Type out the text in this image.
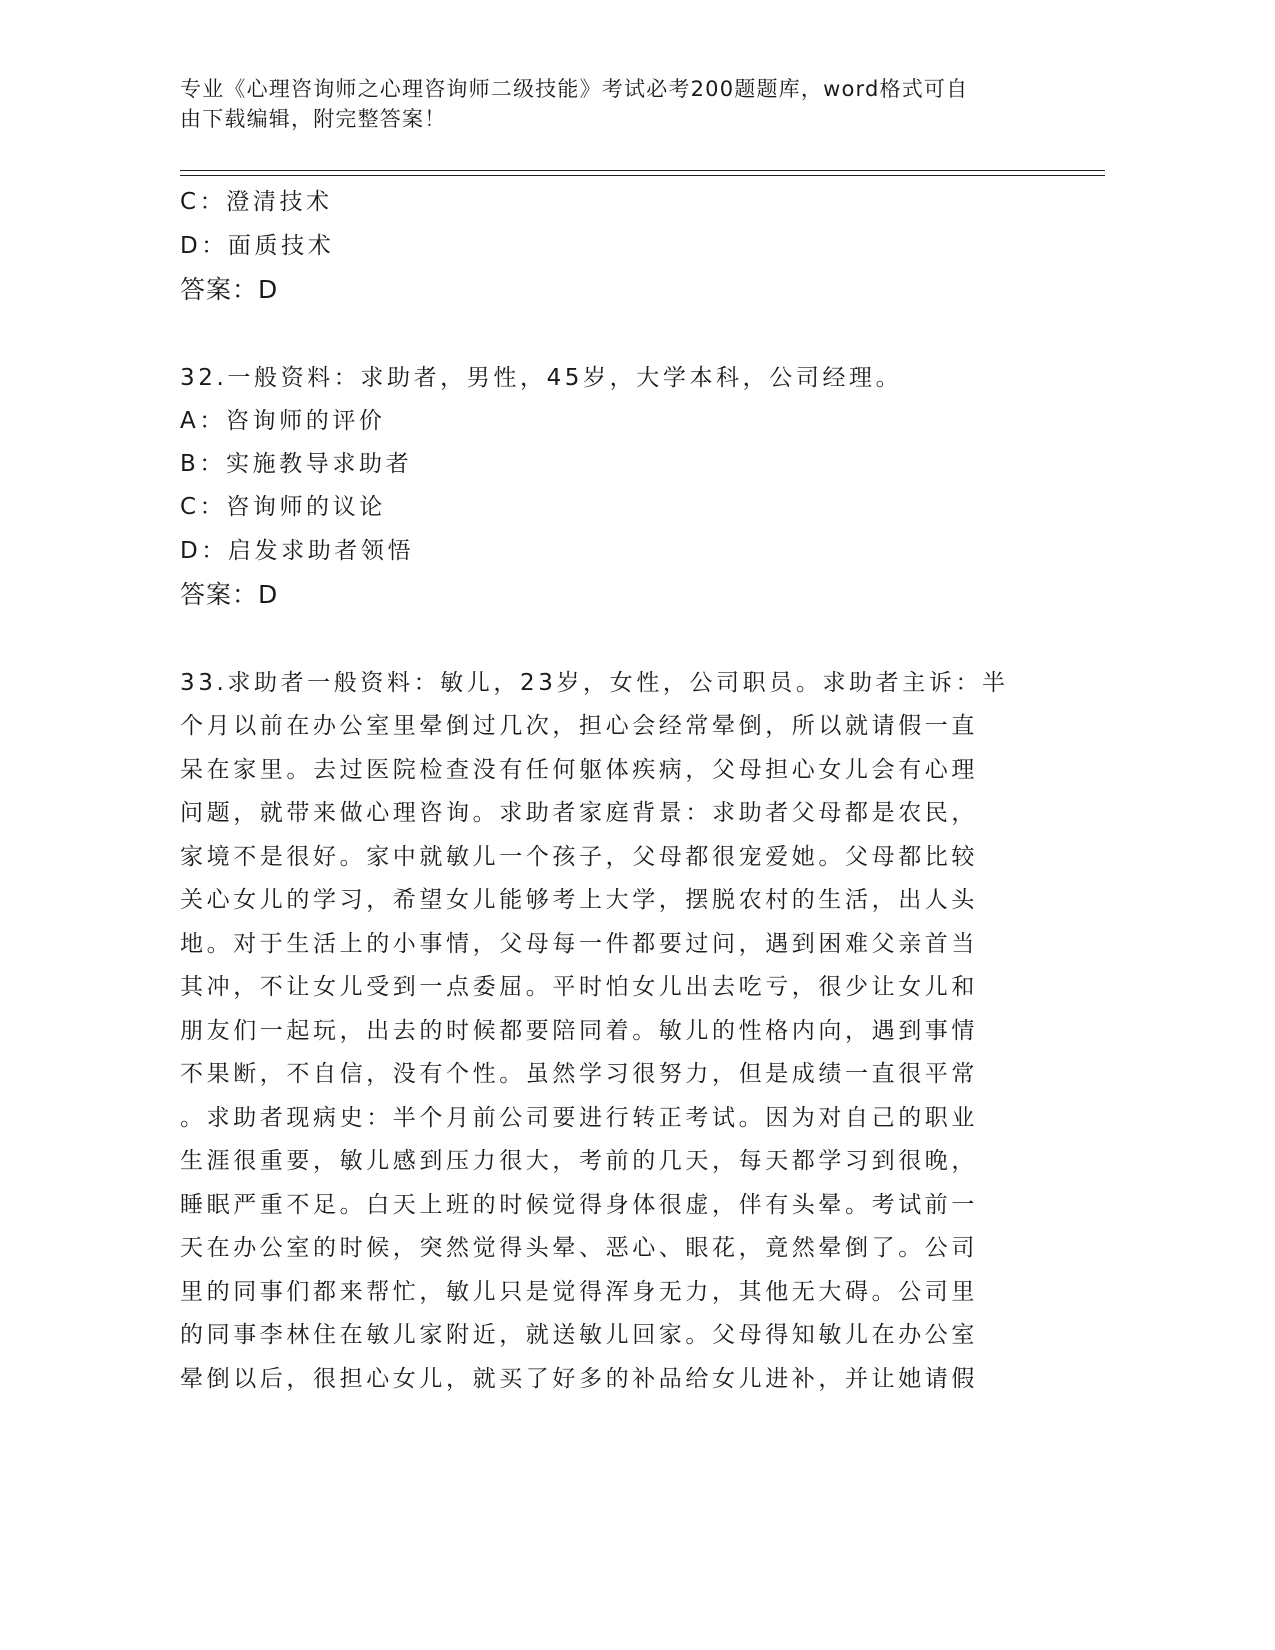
专业《心理咨询师之心理咨询师二级技能》考试必考200题题库，word格式可自
由下载编辑，附完整答案！
C：澄清技术
D：面质技术
答案：D
32.一般资料：求助者，男性，45岁，大学本科，公司经理。
A：咨询师的评价
B：实施教导求助者
C：咨询师的议论
D：启发求助者领悟
答案：D
33.求助者一般资料：敏儿，23岁，女性，公司职员。求助者主诉：半
个月以前在办公室里晕倒过几次，担心会经常晕倒，所以就请假一直
呆在家里。去过医院检查没有任何躯体疾病，父母担心女儿会有心理
问题，就带来做心理咨询。求助者家庭背景：求助者父母都是农民，
家境不是很好。家中就敏儿一个孩子，父母都很宠爱她。父母都比较
关心女儿的学习，希望女儿能够考上大学，摆脱农村的生活，出人头
地。对于生活上的小事情，父母每一件都要过问，遇到困难父亲首当
其冲，不让女儿受到一点委屈。平时怕女儿出去吃亏，很少让女儿和
朋友们一起玩，出去的时候都要陪同着。敏儿的性格内向，遇到事情
不果断，不自信，没有个性。虽然学习很努力，但是成绩一直很平常
。求助者现病史：半个月前公司要进行转正考试。因为对自己的职业
生涯很重要，敏儿感到压力很大，考前的几天，每天都学习到很晚，
睡眠严重不足。白天上班的时候觉得身体很虚，伴有头晕。考试前一
天在办公室的时候，突然觉得头晕、恶心、眼花，竟然晕倒了。公司
里的同事们都来帮忙，敏儿只是觉得浑身无力，其他无大碍。公司里
的同事李林住在敏儿家附近，就送敏儿回家。父母得知敏儿在办公室
晕倒以后，很担心女儿，就买了好多的补品给女儿进补，并让她请假
